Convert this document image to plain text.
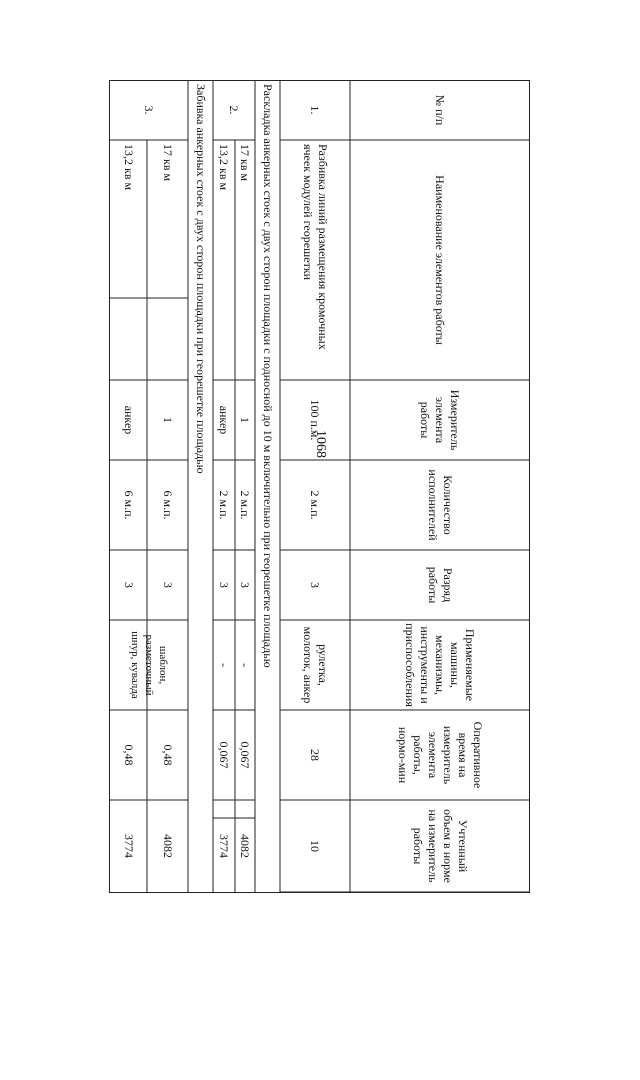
1068
№ п/п
Наименование элементов работы
Измеритель элемента работы
Количество исполнителей
Разряд работы
Применяемые машины, механизмы, инструменты и приспособления
Оперативное время на измеритель элемента работы, нормо-мин
Учтенный объем в норме на измеритель работы
1.
Разбивка линий размещения кромочных ячеек модулей георешетки
100 п.м.
2 м.п.
3
рулетка, молоток, анкер
28
10
Раскладка анкерных стоек с двух сторон площадки с подносной до 10 м включительно при георешетке площадью
2.
17 кв м
13,2 кв м
1
анкер
2 м.п.
2 м.п.
3
3
-
-
0,067
0,067
4082
3774
Забивка анкерных стоек с двух сторон площадки при георешетке площадью
3.
17 кв м
13,2 кв м
1
анкер
6 м.п.
6 м.п.
3
3
шаблон, разметочный шнур, кувалда
0,48
0,48
4082
3774
